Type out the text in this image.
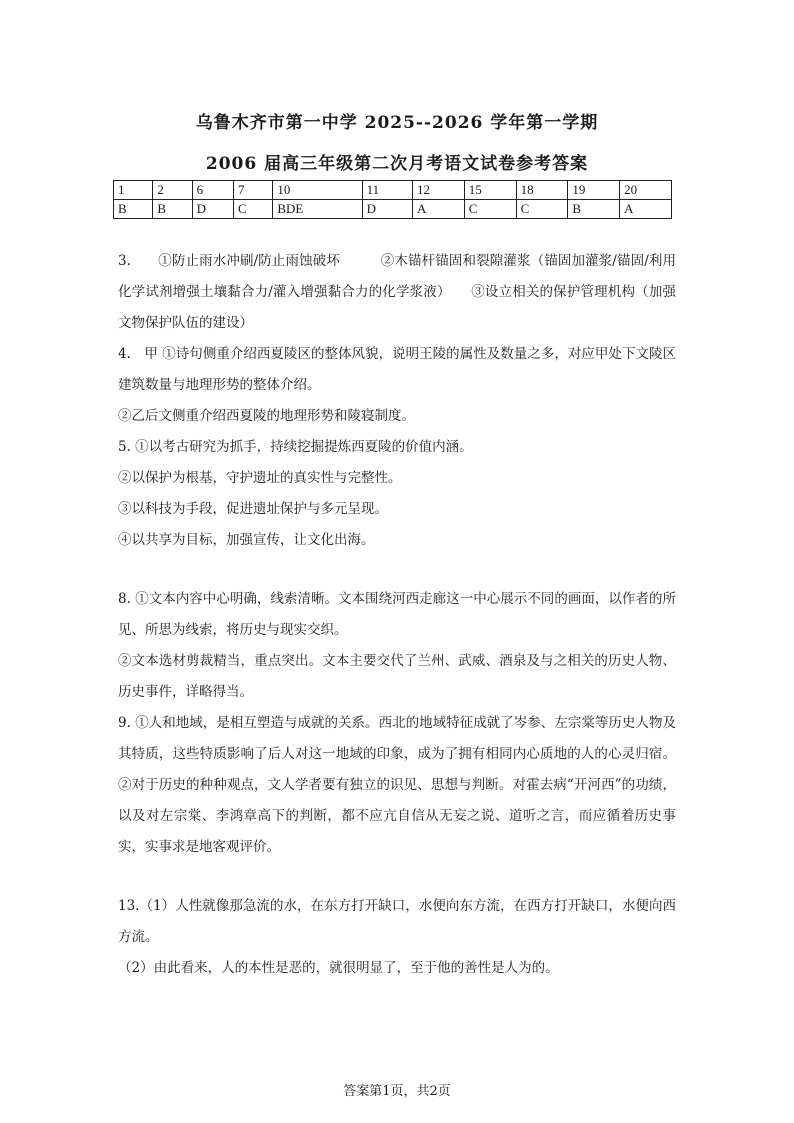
乌鲁木齐市第一中学 2025--2026 学年第一学期
2006 届高三年级第二次月考语文试卷参考答案
1	2	6	7	10	11	12	15	18	19	20
B	B	D	C	BDE	D	A	C	C	B	A

3.　　①防止雨水冲刷/防止雨蚀破坏　　　②木锚杆锚固和裂隙灌浆（锚固加灌浆/锚固/利用化学试剂增强土壤黏合力/灌入增强黏合力的化学浆液）　　③设立相关的保护管理机构（加强文物保护队伍的建设）

4.　甲 ①诗句侧重介绍西夏陵区的整体风貌，说明王陵的属性及数量之多，对应甲处下文陵区建筑数量与地理形势的整体介绍。

②乙后文侧重介绍西夏陵的地理形势和陵寝制度。

5. ①以考古研究为抓手，持续挖掘提炼西夏陵的价值内涵。

②以保护为根基，守护遗址的真实性与完整性。

③以科技为手段，促进遗址保护与多元呈现。

④以共享为目标，加强宣传，让文化出海。

8. ①文本内容中心明确，线索清晰。文本围绕河西走廊这一中心展示不同的画面，以作者的所见、所思为线索，将历史与现实交织。

②文本选材剪裁精当，重点突出。文本主要交代了兰州、武威、酒泉及与之相关的历史人物、历史事件，详略得当。

9. ①人和地域，是相互塑造与成就的关系。西北的地域特征成就了岑参、左宗棠等历史人物及其特质，这些特质影响了后人对这一地域的印象，成为了拥有相同内心质地的人的心灵归宿。②对于历史的种种观点，文人学者要有独立的识见、思想与判断。对霍去病“开河西”的功绩，以及对左宗棠、李鸿章高下的判断，都不应亢自信从无妄之说、道听之言，而应循着历史事实，实事求是地客观评价。

13.（1）人性就像那急流的水，在东方打开缺口，水便向东方流，在西方打开缺口，水便向西方流。

（2）由此看来，人的本性是恶的，就很明显了，至于他的善性是人为的。

答案第1页，共2页
